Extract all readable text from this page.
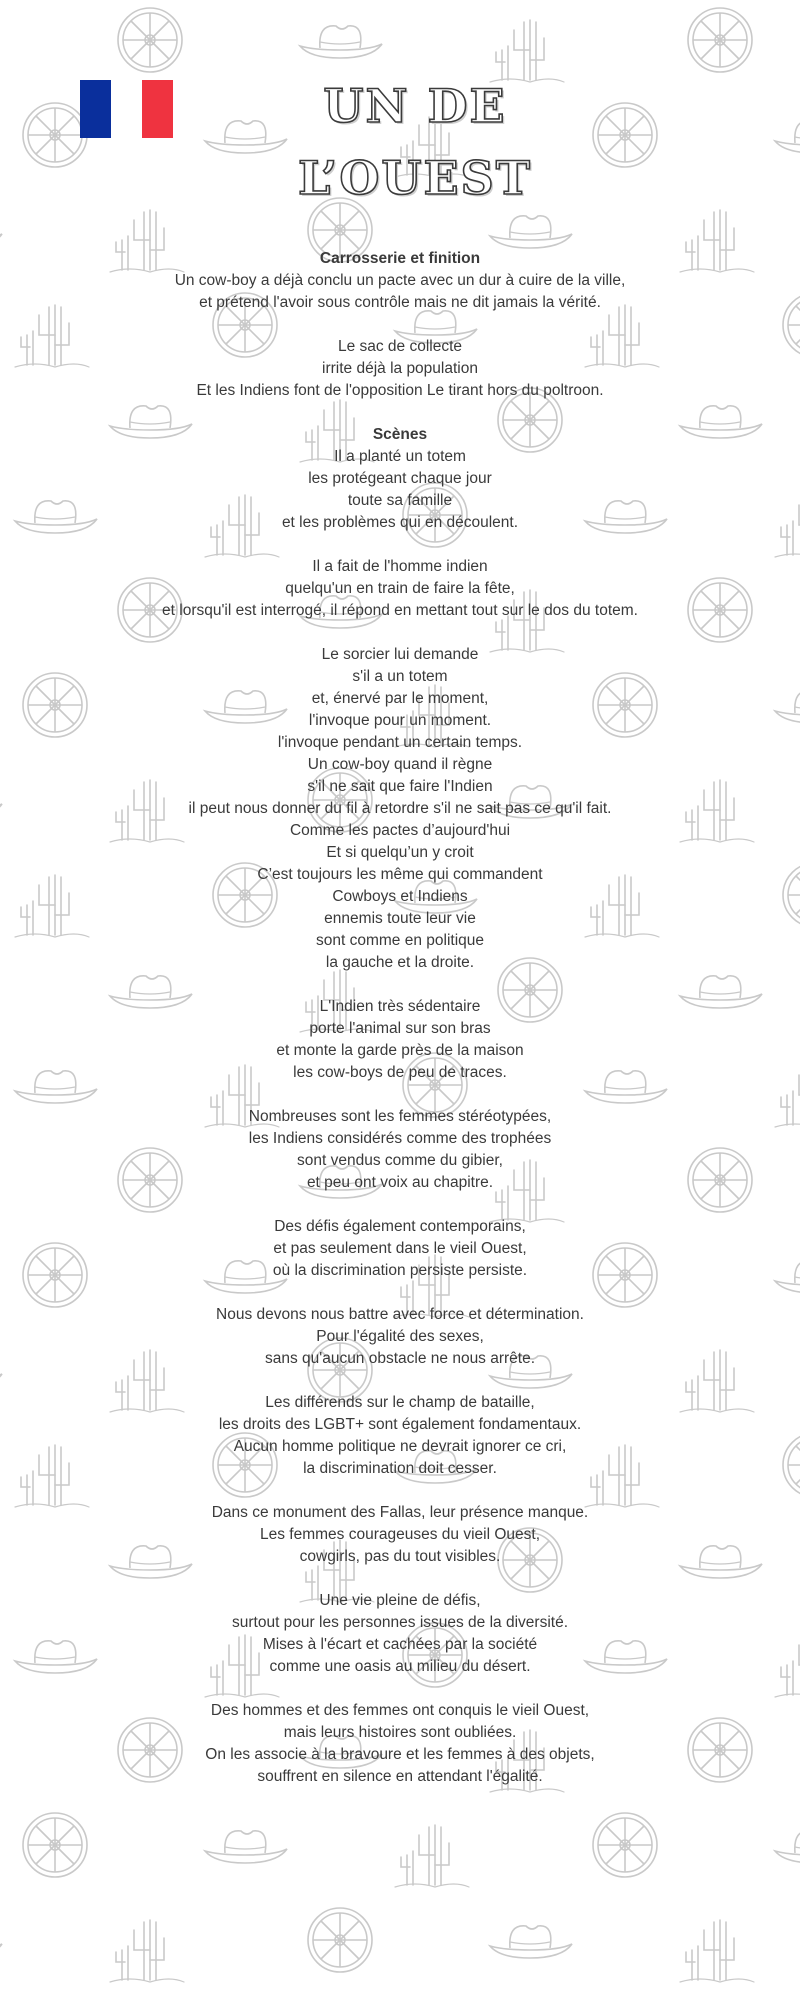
UN DE L’OUEST
Carrosserie et finition
Un cow-boy a déjà conclu un pacte avec un dur à cuire de la ville,
et prétend l'avoir sous contrôle mais ne dit jamais la vérité.
Le sac de collecte
irrite déjà la population
Et les Indiens font de l'opposition Le tirant hors du poltroon.
Scènes
Il a planté un totem
les protégeant chaque jour
toute sa famille
et les problèmes qui en découlent.
Il a fait de l'homme indien
quelqu'un en train de faire la fête,
et lorsqu'il est interrogé, il répond en mettant tout sur le dos du totem.
Le sorcier lui demande
s'il a un totem
et, énervé par le moment,
l'invoque pour un moment.
l'invoque pendant un certain temps.
Un cow-boy quand il règne
s'il ne sait que faire l'Indien
il peut nous donner du fil à retordre s'il ne sait pas ce qu'il fait.
Comme les pactes d’aujourd'hui
Et si quelqu’un y croit
C’est toujours les même qui commandent
Cowboys et Indiens
ennemis toute leur vie
sont comme en politique
la gauche et la droite.
L'Indien très sédentaire
porte l'animal sur son bras
et monte la garde près de la maison
les cow-boys de peu de traces.
Nombreuses sont les femmes stéréotypées,
les Indiens considérés comme des trophées
sont vendus comme du gibier,
et peu ont voix au chapitre.
Des défis également contemporains,
et pas seulement dans le vieil Ouest,
où la discrimination persiste persiste.
Nous devons nous battre avec force et détermination.
Pour l'égalité des sexes,
sans qu'aucun obstacle ne nous arrête.
Les différends sur le champ de bataille,
les droits des LGBT+ sont également fondamentaux.
Aucun homme politique ne devrait ignorer ce cri,
la discrimination doit cesser.
Dans ce monument des Fallas, leur présence manque.
Les femmes courageuses du vieil Ouest,
cowgirls, pas du tout visibles.
Une vie pleine de défis,
surtout pour les personnes issues de la diversité.
Mises à l'écart et cachées par la société
comme une oasis au milieu du désert.
Des hommes et des femmes ont conquis le vieil Ouest,
mais leurs histoires sont oubliées.
On les associe à la bravoure et les femmes à des objets,
souffrent en silence en attendant l'égalité.
